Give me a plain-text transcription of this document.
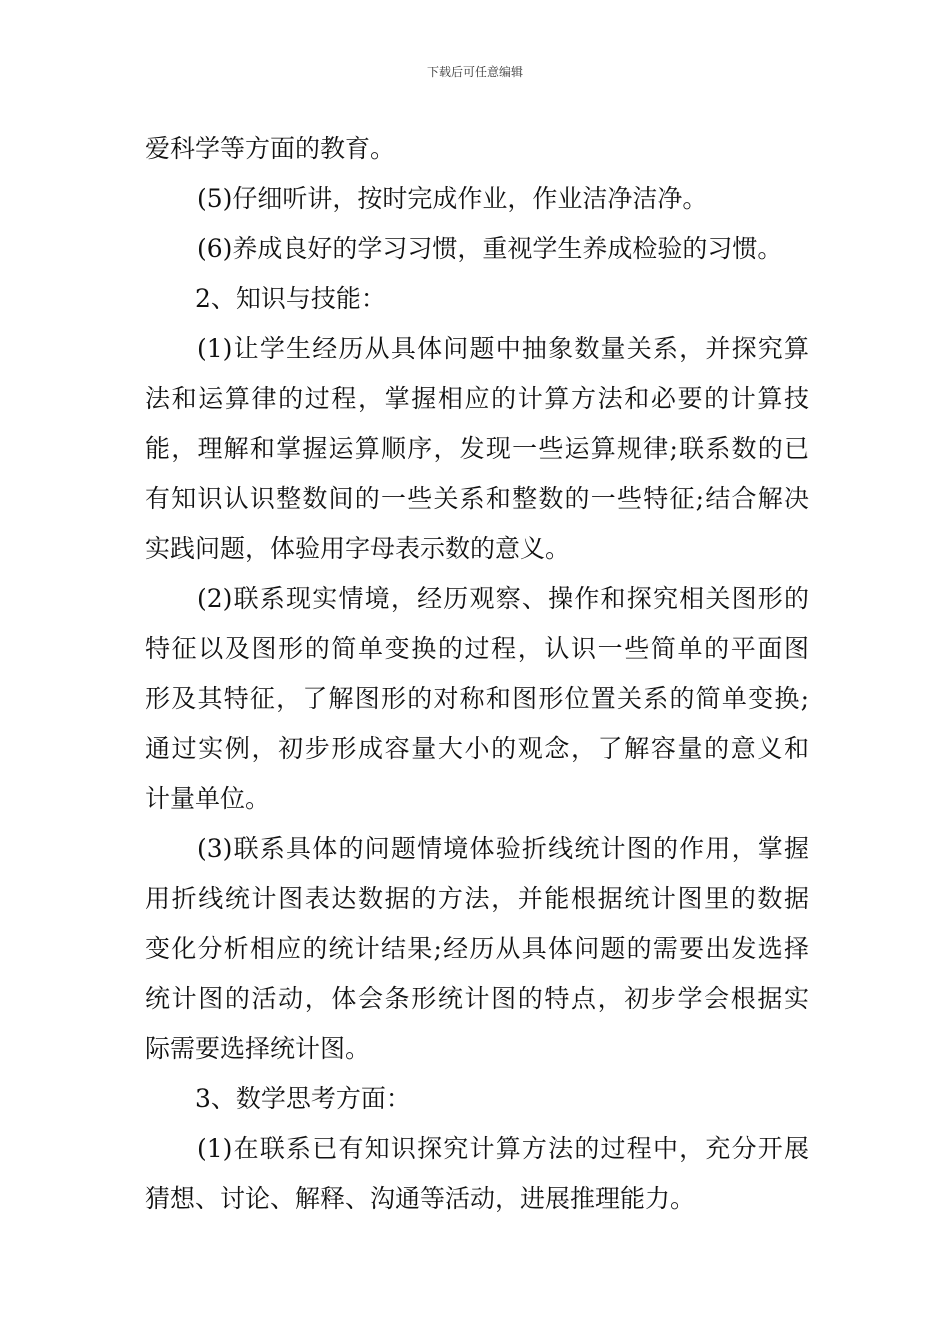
下载后可任意编辑
爱科学等方面的教育。
(5)仔细听讲，按时完成作业，作业洁净洁净。
(6)养成良好的学习习惯，重视学生养成检验的习惯。
2、知识与技能：
(1)让学生经历从具体问题中抽象数量关系，并探究算
法和运算律的过程，掌握相应的计算方法和必要的计算技
能，理解和掌握运算顺序，发现一些运算规律;联系数的已
有知识认识整数间的一些关系和整数的一些特征;结合解决
实践问题，体验用字母表示数的意义。
(2)联系现实情境，经历观察、操作和探究相关图形的
特征以及图形的简单变换的过程，认识一些简单的平面图
形及其特征，了解图形的对称和图形位置关系的简单变换;
通过实例，初步形成容量大小的观念，了解容量的意义和
计量单位。
(3)联系具体的问题情境体验折线统计图的作用，掌握
用折线统计图表达数据的方法，并能根据统计图里的数据
变化分析相应的统计结果;经历从具体问题的需要出发选择
统计图的活动，体会条形统计图的特点，初步学会根据实
际需要选择统计图。
3、数学思考方面：
(1)在联系已有知识探究计算方法的过程中，充分开展
猜想、讨论、解释、沟通等活动，进展推理能力。
